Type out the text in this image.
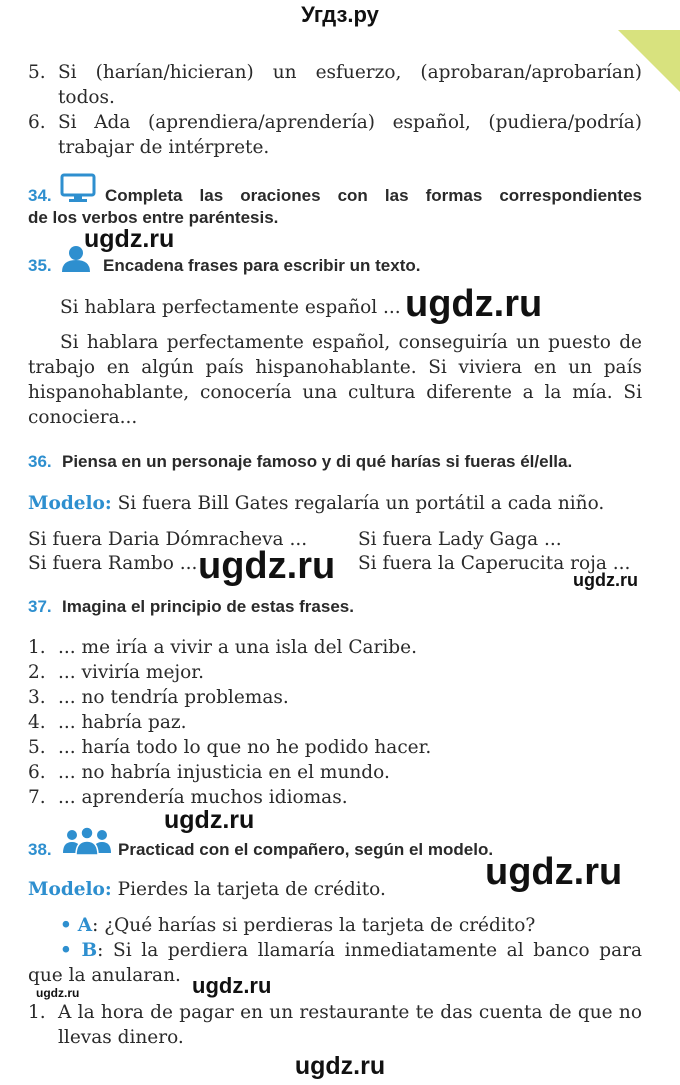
Угдз.ру
5. Si (harían/hicieran) un esfuerzo, (aprobaran/aprobarían)
todos.
6. Si Ada (aprendiera/aprendería) español, (pudiera/podría)
trabajar de intérprete.
34.	Completa las oraciones con las formas correspondientes
de los verbos entre paréntesis.
ugdz.ru
35.	Encadena frases para escribir un texto.
Si hablara perfectamente español ... ugdz.ru
Si hablara perfectamente español, conseguiría un puesto de
trabajo en algún país hispanohablante. Si viviera en un país
hispanohablante, conocería una cultura diferente a la mía. Si
conociera...
36. Piensa en un personaje famoso y di qué harías si fueras él/ella.
Modelo: Si fuera Bill Gates regalaría un portátil a cada niño.
Si fuera Daria Dómracheva ...	Si fuera Lady Gaga ...
Si fuera Rambo ...	Si fuera la Caperucita roja ...
ugdz.ru	ugdz.ru
37. Imagina el principio de estas frases.
1. ... me iría a vivir a una isla del Caribe.
2. ... viviría mejor.
3. ... no tendría problemas.
4. ... habría paz.
5. ... haría todo lo que no he podido hacer.
6. ... no habría injusticia en el mundo.
7. ... aprendería muchos idiomas.
ugdz.ru
38.	Practicad con el compañero, según el modelo.
ugdz.ru
Modelo: Pierdes la tarjeta de crédito.
• A: ¿Qué harías si perdieras la tarjeta de crédito?
• B: Si la perdiera llamaría inmediatamente al banco para
que la anularan. ugdz.ru
ugdz.ru
1. A la hora de pagar en un restaurante te das cuenta de que no
llevas dinero.
ugdz.ru
